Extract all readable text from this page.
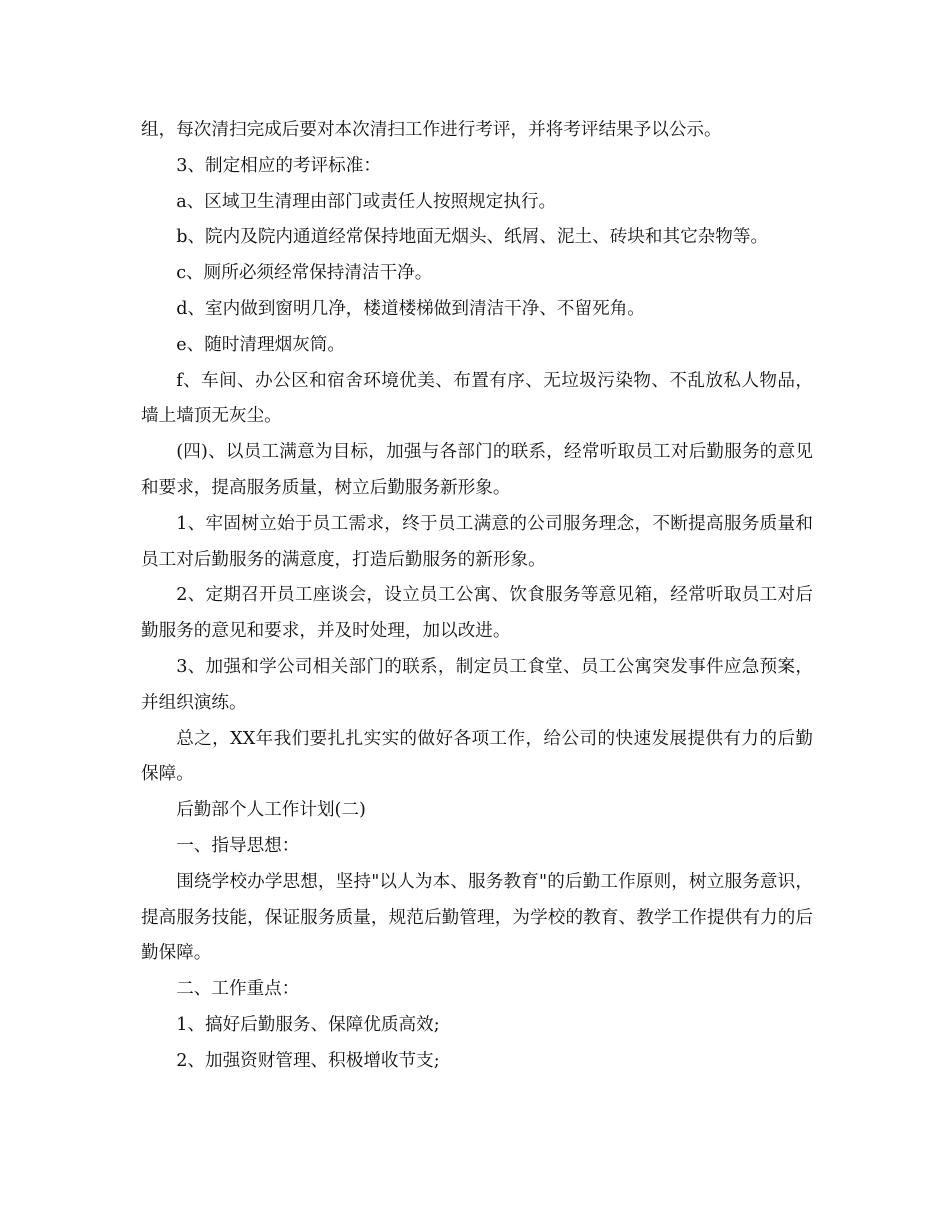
组，每次清扫完成后要对本次清扫工作进行考评，并将考评结果予以公示。

3、制定相应的考评标准：

a、区域卫生清理由部门或责任人按照规定执行。

b、院内及院内通道经常保持地面无烟头、纸屑、泥土、砖块和其它杂物等。

c、厕所必须经常保持清洁干净。

d、室内做到窗明几净，楼道楼梯做到清洁干净、不留死角。

e、随时清理烟灰筒。

f、车间、办公区和宿舍环境优美、布置有序、无垃圾污染物、不乱放私人物品，墙上墙顶无灰尘。

(四)、以员工满意为目标，加强与各部门的联系，经常听取员工对后勤服务的意见和要求，提高服务质量，树立后勤服务新形象。

1、牢固树立始于员工需求，终于员工满意的公司服务理念，不断提高服务质量和员工对后勤服务的满意度，打造后勤服务的新形象。

2、定期召开员工座谈会，设立员工公寓、饮食服务等意见箱，经常听取员工对后勤服务的意见和要求，并及时处理，加以改进。

3、加强和学公司相关部门的联系，制定员工食堂、员工公寓突发事件应急预案，并组织演练。

总之，XX年我们要扎扎实实的做好各项工作，给公司的快速发展提供有力的后勤保障。

后勤部个人工作计划(二)

一、指导思想：

围绕学校办学思想，坚持"以人为本、服务教育"的后勤工作原则，树立服务意识，提高服务技能，保证服务质量，规范后勤管理，为学校的教育、教学工作提供有力的后勤保障。

二、工作重点：

1、搞好后勤服务、保障优质高效;

2、加强资财管理、积极增收节支;
